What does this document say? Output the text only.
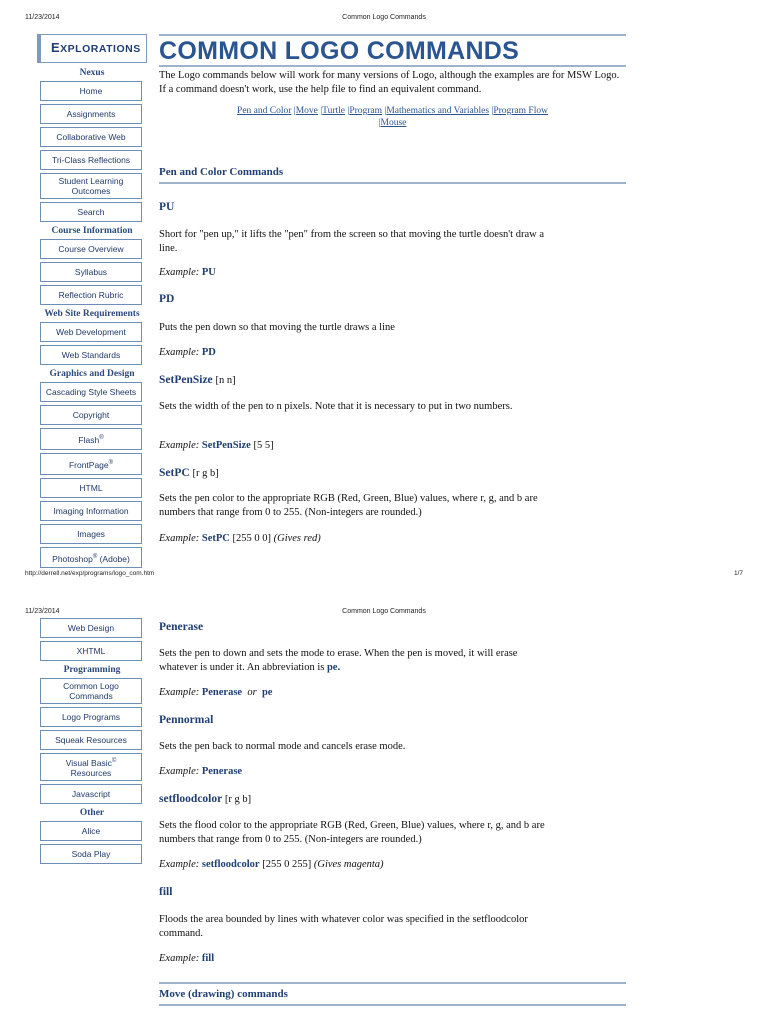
11/23/2014	Common Logo Commands
EXPLORATIONS
Nexus
Home
Assignments
Collaborative Web
Tri-Class Reflections
Student Learning Outcomes
Search
Course Information
Course Overview
Syllabus
Reflection Rubric
Web Site Requirements
Web Development
Web Standards
Graphics and Design
Cascading Style Sheets
Copyright
Flash®
FrontPage®
HTML
Imaging Information
Images
Photoshop® (Adobe)
COMMON LOGO COMMANDS

The Logo commands below will work for many versions of Logo, although the examples are for MSW Logo. If a command doesn't work, use the help file to find an equivalent command.

Pen and Color |Move |Turtle |Program |Mathematics and Variables |Program Flow
|Mouse
Pen and Color Commands
PU

Short for "pen up," it lifts the "pen" from the screen so that moving the turtle doesn't draw a line.

Example: PU
PD

Puts the pen down so that moving the turtle draws a line

Example: PD
SetPenSize [n n]

Sets the width of the pen to n pixels. Note that it is necessary to put in two numbers.

Example: SetPenSize [5 5]
SetPC [r g b]

Sets the pen color to the appropriate RGB (Red, Green, Blue) values, where r, g, and b are numbers that range from 0 to 255. (Non-integers are rounded.)

Example: SetPC [255 0 0] (Gives red)
http://derrell.net/exp/programs/logo_com.htm	1/7
11/23/2014	Common Logo Commands
Web Design
XHTML
Programming
Common Logo Commands
Logo Programs
Squeak Resources
Visual Basic©
Resources
Javascript
Other
Alice
Soda Play
Penerase

Sets the pen to down and sets the mode to erase. When the pen is moved, it will erase whatever is under it. An abbreviation is pe.

Example: Penerase or pe
Pennormal

Sets the pen back to normal mode and cancels erase mode.

Example: Penerase
setfloodcolor [r g b]

Sets the flood color to the appropriate RGB (Red, Green, Blue) values, where r, g, and b are numbers that range from 0 to 255. (Non-integers are rounded.)

Example: setfloodcolor [255 0 255] (Gives magenta)
fill

Floods the area bounded by lines with whatever color was specified in the setfloodcolor command.

Example: fill
Move (drawing) commands
